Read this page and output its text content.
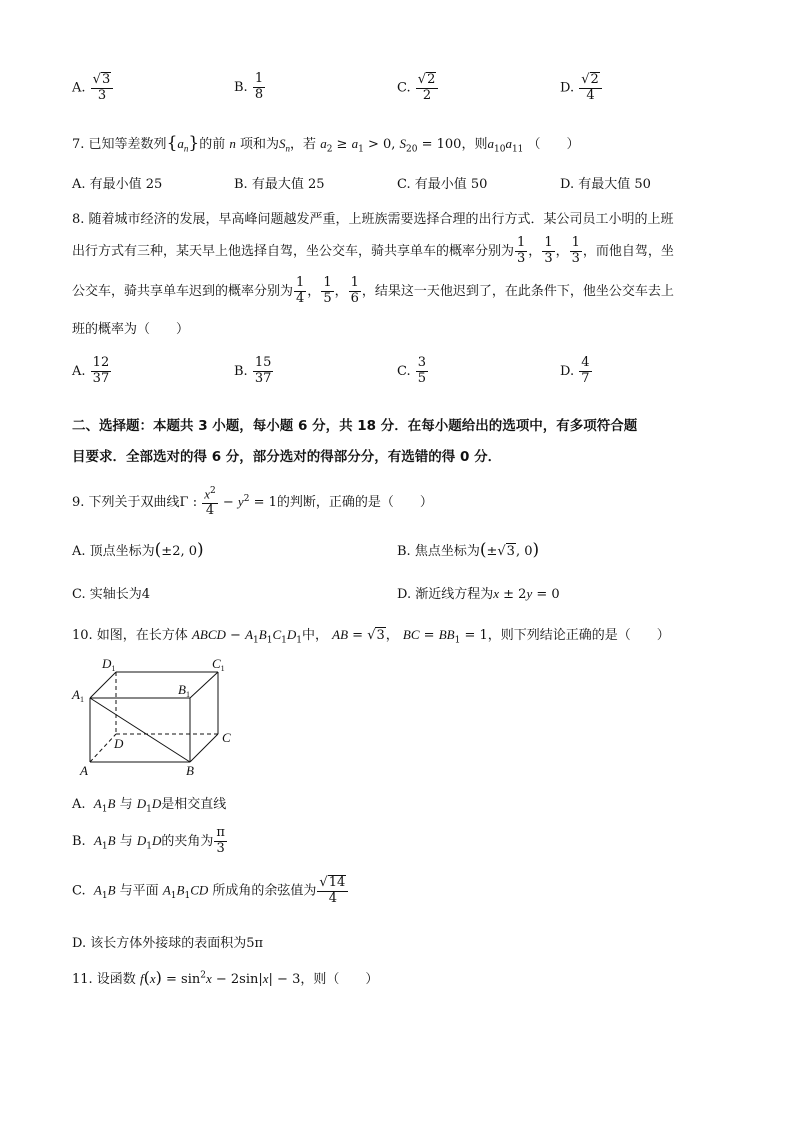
A. $\frac{√3}{3}$	B. $\frac{1}{8}$	C. $\frac{√2}{2}$	D. $\frac{√2}{4}$
7. 已知等差数列$\{a_n\}$的前 n 项和为$S_n$，若 $a_2 \ge a_1 > 0$, $S_{20} = 100$，则$a_{10}a_{11}$ （　　）
A. 有最小值 25	B. 有最大值 25	C. 有最小值 50	D. 有最大值 50
8. 随着城市经济的发展，早高峰问题越发严重，上班族需要选择合理的出行方式．某公司员工小明的上班
出行方式有三种，某天早上他选择自驾，坐公交车，骑共享单车的概率分别为 $\frac{1}{3}$ ， $\frac{1}{3}$ ， $\frac{1}{3}$ ，而他自驾，坐
公交车，骑共享单车迟到的概率分别为 $\frac{1}{4}$ ， $\frac{1}{5}$ ， $\frac{1}{6}$ ，结果这一天他迟到了，在此条件下，他坐公交车去上
班的概率为（　　）
A. $\frac{12}{37}$	B. $\frac{15}{37}$	C. $\frac{3}{5}$	D. $\frac{4}{7}$
二、选择题：本题共 3 小题，每小题 6 分，共 18 分．在每小题给出的选项中，有多项符合题
目要求．全部选对的得 6 分，部分选对的得部分分，有选错的得 0 分．
9. 下列关于双曲线Γ : $\frac{x^2}{4} - y^2 = 1$的判断，正确的是（　　）
A. 顶点坐标为(±2, 0)	B. 焦点坐标为(±√3, 0)
C. 实轴长为4	D. 渐近线方程为x ± 2y = 0
10. 如图，在长方体 ABCD − $A_1B_1C_1D_1$中， AB = √3， BC = $BB_1 = 1$，则下列结论正确的是（　　）
$D_1$	$C_1$
$A_1$
$B_1$
D	C
A	B
A. $A_1B$ 与 $D_1D$是相交直线
B. $A_1B$ 与 $D_1D$的夹角为 $\frac{\pi}{3}$
C. $A_1B$ 与平面 $A_1B_1CD$ 所成角的余弦值为 $\frac{√14}{4}$
D. 该长方体外接球的表面积为5π
11. 设函数 $f(x) = \sin^2x - 2\sin|x| - 3$，则（　　）
